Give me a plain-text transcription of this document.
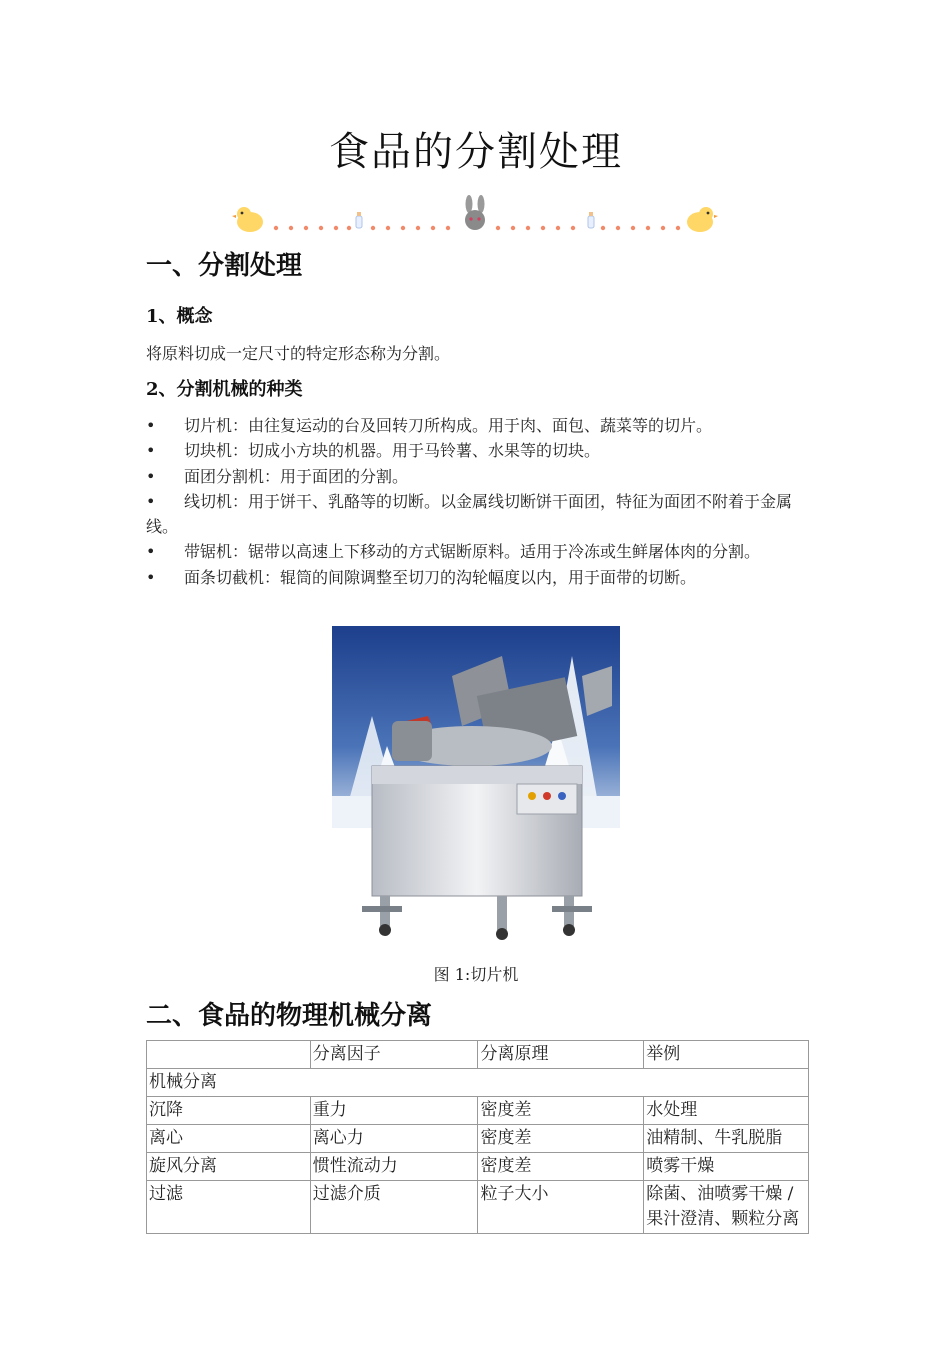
食品的分割处理
一、分割处理
1、概念
将原料切成一定尺寸的特定形态称为分割。
2、分割机械的种类
• 切片机：由往复运动的台及回转刀所构成。用于肉、面包、蔬菜等的切片。
• 切块机：切成小方块的机器。用于马铃薯、水果等的切块。
• 面团分割机：用于面团的分割。
• 线切机：用于饼干、乳酪等的切断。以金属线切断饼干面团，特征为面团不附着于金属线。
• 带锯机：锯带以高速上下移动的方式锯断原料。适用于冷冻或生鲜屠体肉的分割。
• 面条切截机：辊筒的间隙调整至切刀的沟轮幅度以内，用于面带的切断。
图 1:切片机
二、食品的物理机械分离
	分离因子	分离原理	举例
机械分离			
沉降	重力	密度差	水处理
离心	离心力	密度差	油精制、牛乳脱脂
旋风分离	惯性流动力	密度差	喷雾干燥
过滤	过滤介质	粒子大小	除菌、油喷雾干燥 /果汁澄清、颗粒分离
